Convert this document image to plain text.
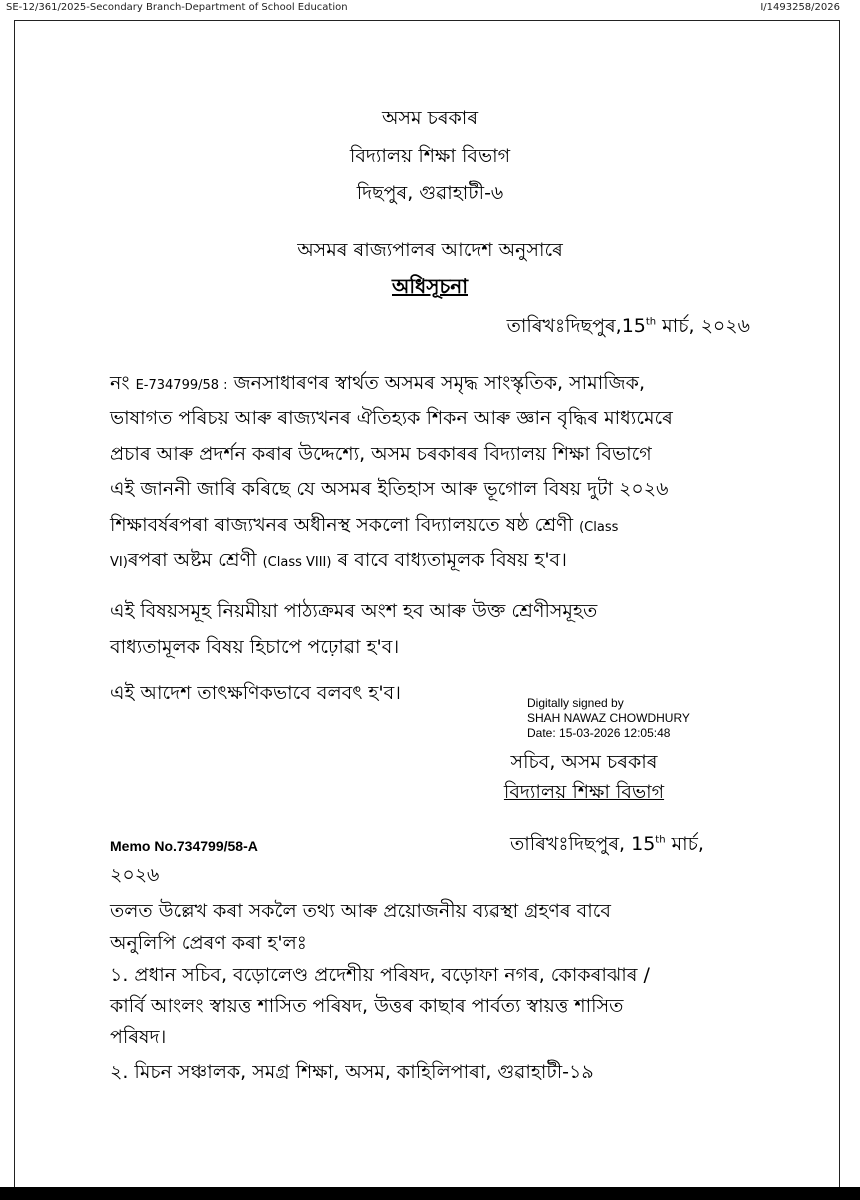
SE-12/361/2025-Secondary Branch-Department of School Education	I/1493258/2026
অসম চৰকাৰ
বিদ্যালয় শিক্ষা বিভাগ
দিছপুৰ, গুৱাহাটী-৬
অসমৰ ৰাজ্যপালৰ আদেশ অনুসাৰে
অধিসূচনা
তাৰিখঃদিছপুৰ,15th মাৰ্চ, ২০২৬
নং E-734799/58 : জনসাধাৰণৰ স্বাৰ্থত অসমৰ সমৃদ্ধ সাংস্কৃতিক, সামাজিক,
ভাষাগত পৰিচয় আৰু ৰাজ্যখনৰ ঐতিহ্যক শিকন আৰু জ্ঞান বৃদ্ধিৰ মাধ্যমেৰে
প্ৰচাৰ আৰু প্ৰদৰ্শন কৰাৰ উদ্দেশ্যে, অসম চৰকাৰৰ বিদ্যালয় শিক্ষা বিভাগে
এই জাননী জাৰি কৰিছে যে অসমৰ ইতিহাস আৰু ভূগোল বিষয় দুটা ২০২৬
শিক্ষাবৰ্ষৰপৰা ৰাজ্যখনৰ অধীনস্থ সকলো বিদ্যালয়তে ষষ্ঠ শ্ৰেণী (Class
VI)ৰপৰা অষ্টম শ্ৰেণী (Class VIII) ৰ বাবে বাধ্যতামূলক বিষয় হ'ব।
এই বিষয়সমূহ নিয়মীয়া পাঠ্যক্ৰমৰ অংশ হব আৰু উক্ত শ্ৰেণীসমূহত
বাধ্যতামূলক বিষয় হিচাপে পঢ়োৱা হ'ব।
এই আদেশ তাৎক্ষণিকভাবে বলবৎ হ'ব।	Digitally signed by
SHAH NAWAZ CHOWDHURY
Date: 15-03-2026 12:05:48
সচিব, অসম চৰকাৰ
বিদ্যালয় শিক্ষা বিভাগ
Memo No.734799/58-A	তাৰিখঃদিছপুৰ, 15th মাৰ্চ,
২০২৬
তলত উল্লেখ কৰা সকলৈ তথ্য আৰু প্ৰয়োজনীয় ব্যৱস্থা গ্ৰহণৰ বাবে
অনুলিপি প্ৰেৰণ কৰা হ'লঃ
১. প্ৰধান সচিব, বড়োলেণ্ড প্ৰদেশীয় পৰিষদ, বড়োফা নগৰ, কোকৰাঝাৰ /
কাৰ্বি আংলং স্বায়ত্ত শাসিত পৰিষদ, উত্তৰ কাছাৰ পাৰ্বত্য স্বায়ত্ত শাসিত
পৰিষদ।
২. মিচন সঞ্চালক, সমগ্ৰ শিক্ষা, অসম, কাহিলিপাৰা, গুৱাহাটী-১৯
